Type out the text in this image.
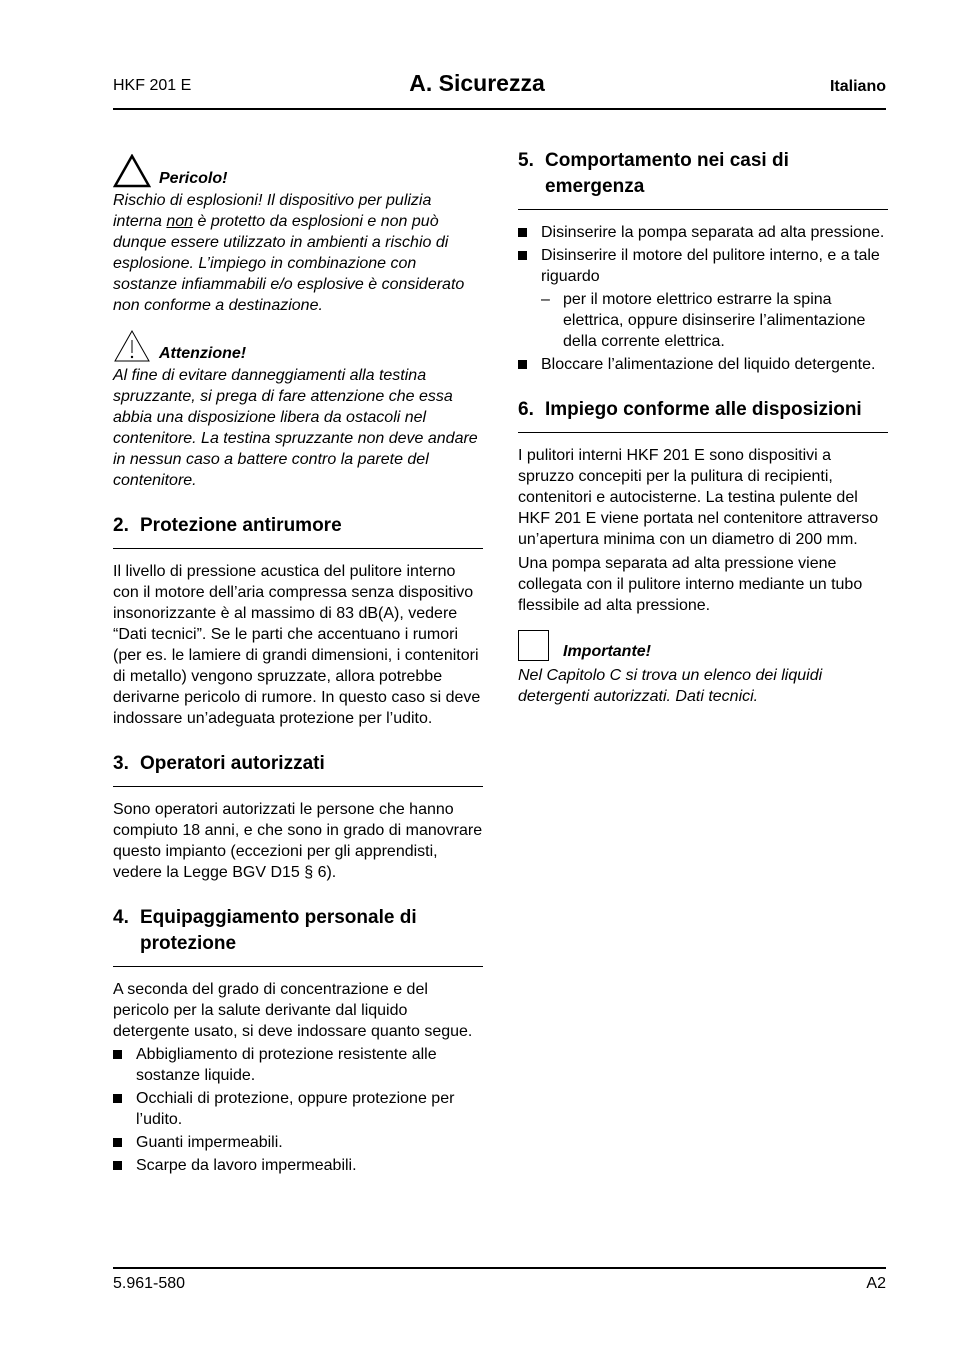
HKF 201 E	A. Sicurezza	Italiano
Pericolo!

Rischio di esplosioni! Il dispositivo per pulizia interna non è protetto da esplosioni e non può dunque essere utilizzato in ambienti a rischio di esplosione. L’impiego in combinazione con sostanze infiammabili e/o esplosive è considerato non conforme a destinazione.

Attenzione!

Al fine di evitare danneggiamenti alla testina spruzzante, si prega di fare attenzione che essa abbia una disposizione libera da ostacoli nel contenitore. La testina spruzzante non deve andare in nessun caso a battere contro la parete del contenitore.

2. Protezione antirumore

Il livello di pressione acustica del pulitore interno con il motore dell’aria compressa senza dispositivo insonorizzante è al massimo di 83 dB(A), vedere “Dati tecnici”. Se le parti che accentuano i rumori (per es. le lamiere di grandi dimensioni, i contenitori di metallo) vengono spruzzate, allora potrebbe derivarne pericolo di rumore. In questo caso si deve indossare un’adeguata protezione per l’udito.

3. Operatori autorizzati

Sono operatori autorizzati le persone che hanno compiuto 18 anni, e che sono in grado di manovrare questo impianto (eccezioni per gli apprendisti, vedere la Legge BGV D15 § 6).

4. Equipaggiamento personale di protezione

A seconda del grado di concentrazione e del pericolo per la salute derivante dal liquido detergente usato, si deve indossare quanto segue.

Abbigliamento di protezione resistente alle sostanze liquide.
Occhiali di protezione, oppure protezione per l’udito.
Guanti impermeabili.
Scarpe da lavoro impermeabili.
5. Comportamento nei casi di emergenza
Disinserire la pompa separata ad alta pressione.
Disinserire il motore del pulitore interno, e a tale riguardo
– per il motore elettrico estrarre la spina elettrica, oppure disinserire l’alimentazione della corrente elettrica.
Bloccare l’alimentazione del liquido detergente.
6. Impiego conforme alle disposizioni

I pulitori interni HKF 201 E sono dispositivi a spruzzo concepiti per la pulitura di recipienti, contenitori e autocisterne. La testina pulente del HKF 201 E viene portata nel contenitore attraverso un’apertura minima con un diametro di 200 mm.

Una pompa separata ad alta pressione viene collegata con il pulitore interno mediante un tubo flessibile ad alta pressione.

Importante!

Nel Capitolo C si trova un elenco dei liquidi detergenti autorizzati. Dati tecnici.

5.961-580	A2
